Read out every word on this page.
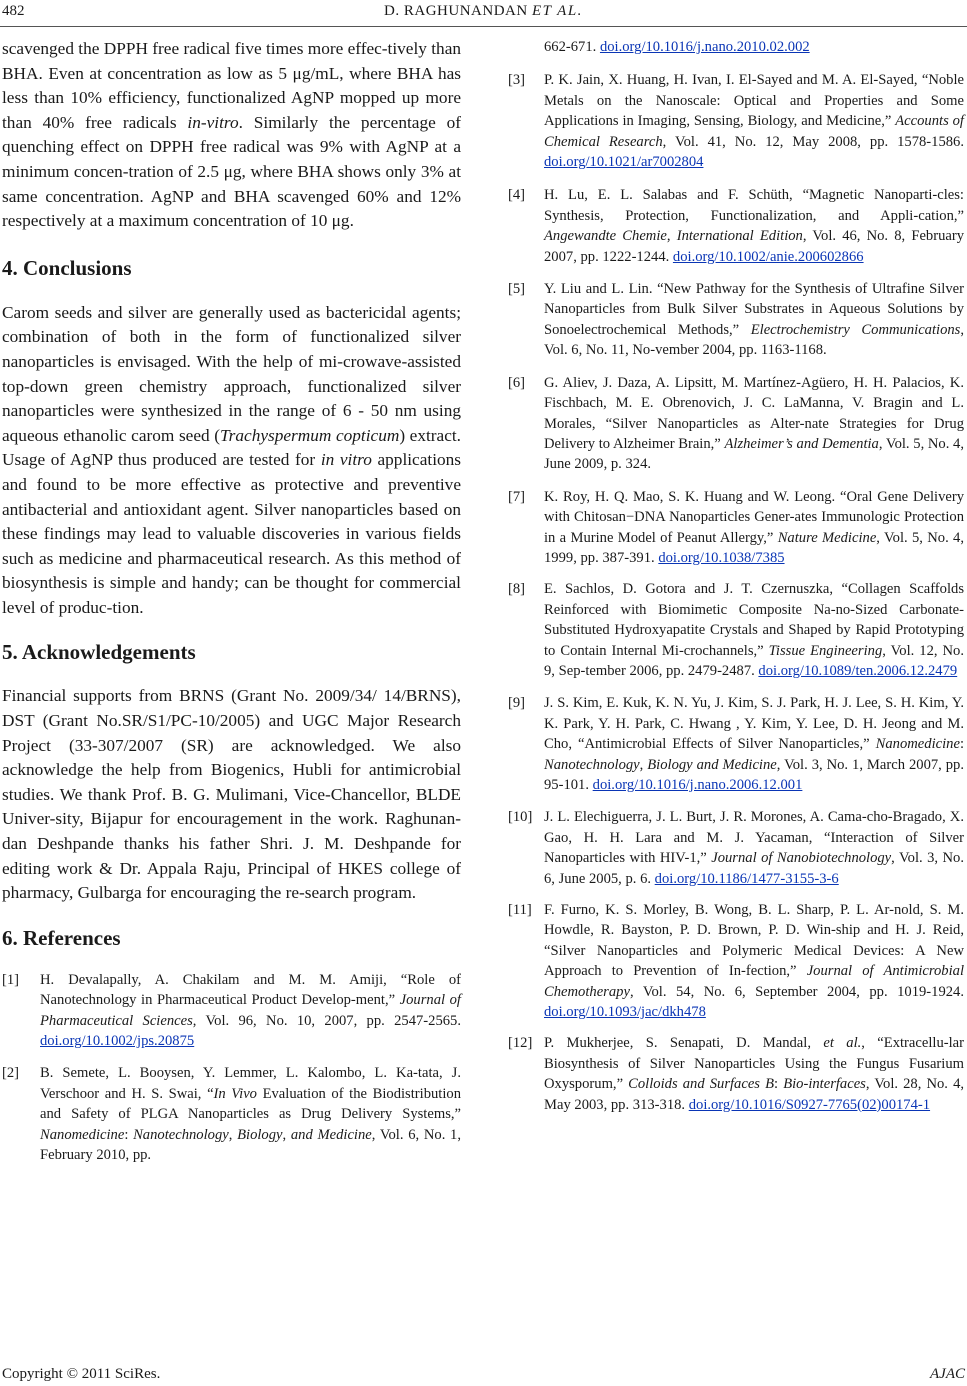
482	D. RAGHUNANDAN ET AL.

scavenged the DPPH free radical five times more effec-tively than BHA. Even at concentration as low as 5 μg/mL, where BHA has less than 10% efficiency, functionalized AgNP mopped up more than 40% free radicals in-vitro. Similarly the percentage of quenching effect on DPPH free radical was 9% with AgNP at a minimum concen-tration of 2.5 μg, where BHA shows only 3% at same concentration. AgNP and BHA scavenged 60% and 12% respectively at a maximum concentration of 10 μg.

4. Conclusions

Carom seeds and silver are generally used as bactericidal agents; combination of both in the form of functionalized silver nanoparticles is envisaged. With the help of mi-crowave-assisted top-down green chemistry approach, functionalized silver nanoparticles were synthesized in the range of 6 - 50 nm using aqueous ethanolic carom seed (Trachyspermum copticum) extract. Usage of AgNP thus produced are tested for in vitro applications and found to be more effective as protective and preventive antibacterial and antioxidant agent. Silver nanoparticles based on these findings may lead to valuable discoveries in various fields such as medicine and pharmaceutical research. As this method of biosynthesis is simple and handy; can be thought for commercial level of produc-tion.

5. Acknowledgements

Financial supports from BRNS (Grant No. 2009/34/ 14/BRNS), DST (Grant No.SR/S1/PC-10/2005) and UGC Major Research Project (33-307/2007 (SR) are acknowledged. We also acknowledge the help from Biogenics, Hubli for antimicrobial studies. We thank Prof. B. G. Mulimani, Vice-Chancellor, BLDE Univer-sity, Bijapur for encouragement in the work. Raghunan-dan Deshpande thanks his father Shri. J. M. Deshpande for editing work & Dr. Appala Raju, Principal of HKES college of pharmacy, Gulbarga for encouraging the re-search program.

6. References
[1] H. Devalapally, A. Chakilam and M. M. Amiji, “Role of Nanotechnology in Pharmaceutical Product Develop-ment,” Journal of Pharmaceutical Sciences, Vol. 96, No. 10, 2007, pp. 2547-2565. doi.org/10.1002/jps.20875
[2] B. Semete, L. Booysen, Y. Lemmer, L. Kalombo, L. Ka-tata, J. Verschoor and H. S. Swai, “In Vivo Evaluation of the Biodistribution and Safety of PLGA Nanoparticles as Drug Delivery Systems,” Nanomedicine: Nanotechnology, Biology, and Medicine, Vol. 6, No. 1, February 2010, pp.
662-671. doi.org/10.1016/j.nano.2010.02.002
[3] P. K. Jain, X. Huang, H. Ivan, I. El-Sayed and M. A. El-Sayed, “Noble Metals on the Nanoscale: Optical and Properties and Some Applications in Imaging, Sensing, Biology, and Medicine,” Accounts of Chemical Research, Vol. 41, No. 12, May 2008, pp. 1578-1586. doi.org/10.1021/ar7002804
[4] H. Lu, E. L. Salabas and F. Schüth, “Magnetic Nanoparti-cles: Synthesis, Protection, Functionalization, and Appli-cation,” Angewandte Chemie, International Edition, Vol. 46, No. 8, February 2007, pp. 1222-1244. doi.org/10.1002/anie.200602866
[5] Y. Liu and L. Lin. “New Pathway for the Synthesis of Ultrafine Silver Nanoparticles from Bulk Silver Substrates in Aqueous Solutions by Sonoelectrochemical Methods,” Electrochemistry Communications, Vol. 6, No. 11, No-vember 2004, pp. 1163-1168.
[6] G. Aliev, J. Daza, A. Lipsitt, M. Martínez-Agüero, H. H. Palacios, K. Fischbach, M. E. Obrenovich, J. C. LaManna, V. Bragin and L. Morales, “Silver Nanoparticles as Alter-nate Strategies for Drug Delivery to Alzheimer Brain,” Alzheimer’s and Dementia, Vol. 5, No. 4, June 2009, p. 324.
[7] K. Roy, H. Q. Mao, S. K. Huang and W. Leong. “Oral Gene Delivery with Chitosan−DNA Nanoparticles Gener-ates Immunologic Protection in a Murine Model of Peanut Allergy,” Nature Medicine, Vol. 5, No. 4, 1999, pp. 387-391. doi.org/10.1038/7385
[8] E. Sachlos, D. Gotora and J. T. Czernuszka, “Collagen Scaffolds Reinforced with Biomimetic Composite Na-no-Sized Carbonate-Substituted Hydroxyapatite Crystals and Shaped by Rapid Prototyping to Contain Internal Mi-crochannels,” Tissue Engineering, Vol. 12, No. 9, Sep-tember 2006, pp. 2479-2487. doi.org/10.1089/ten.2006.12.2479
[9] J. S. Kim, E. Kuk, K. N. Yu, J. Kim, S. J. Park, H. J. Lee, S. H. Kim, Y. K. Park, Y. H. Park, C. Hwang , Y. Kim, Y. Lee, D. H. Jeong and M. Cho, “Antimicrobial Effects of Silver Nanoparticles,” Nanomedicine: Nanotechnology, Biology and Medicine, Vol. 3, No. 1, March 2007, pp. 95-101. doi.org/10.1016/j.nano.2006.12.001
[10] J. L. Elechiguerra, J. L. Burt, J. R. Morones, A. Cama-cho-Bragado, X. Gao, H. H. Lara and M. J. Yacaman, “Interaction of Silver Nanoparticles with HIV-1,” Journal of Nanobiotechnology, Vol. 3, No. 6, June 2005, p. 6. doi.org/10.1186/1477-3155-3-6
[11] F. Furno, K. S. Morley, B. Wong, B. L. Sharp, P. L. Ar-nold, S. M. Howdle, R. Bayston, P. D. Brown, P. D. Win-ship and H. J. Reid, “Silver Nanoparticles and Polymeric Medical Devices: A New Approach to Prevention of In-fection,” Journal of Antimicrobial Chemotherapy, Vol. 54, No. 6, September 2004, pp. 1019-1924. doi.org/10.1093/jac/dkh478
[12] P. Mukherjee, S. Senapati, D. Mandal, et al., “Extracellu-lar Biosynthesis of Silver Nanoparticles Using the Fungus Fusarium Oxysporum,” Colloids and Surfaces B: Bio-interfaces, Vol. 28, No. 4, May 2003, pp. 313-318. doi.org/10.1016/S0927-7765(02)00174-1
Copyright © 2011 SciRes.	AJAC
